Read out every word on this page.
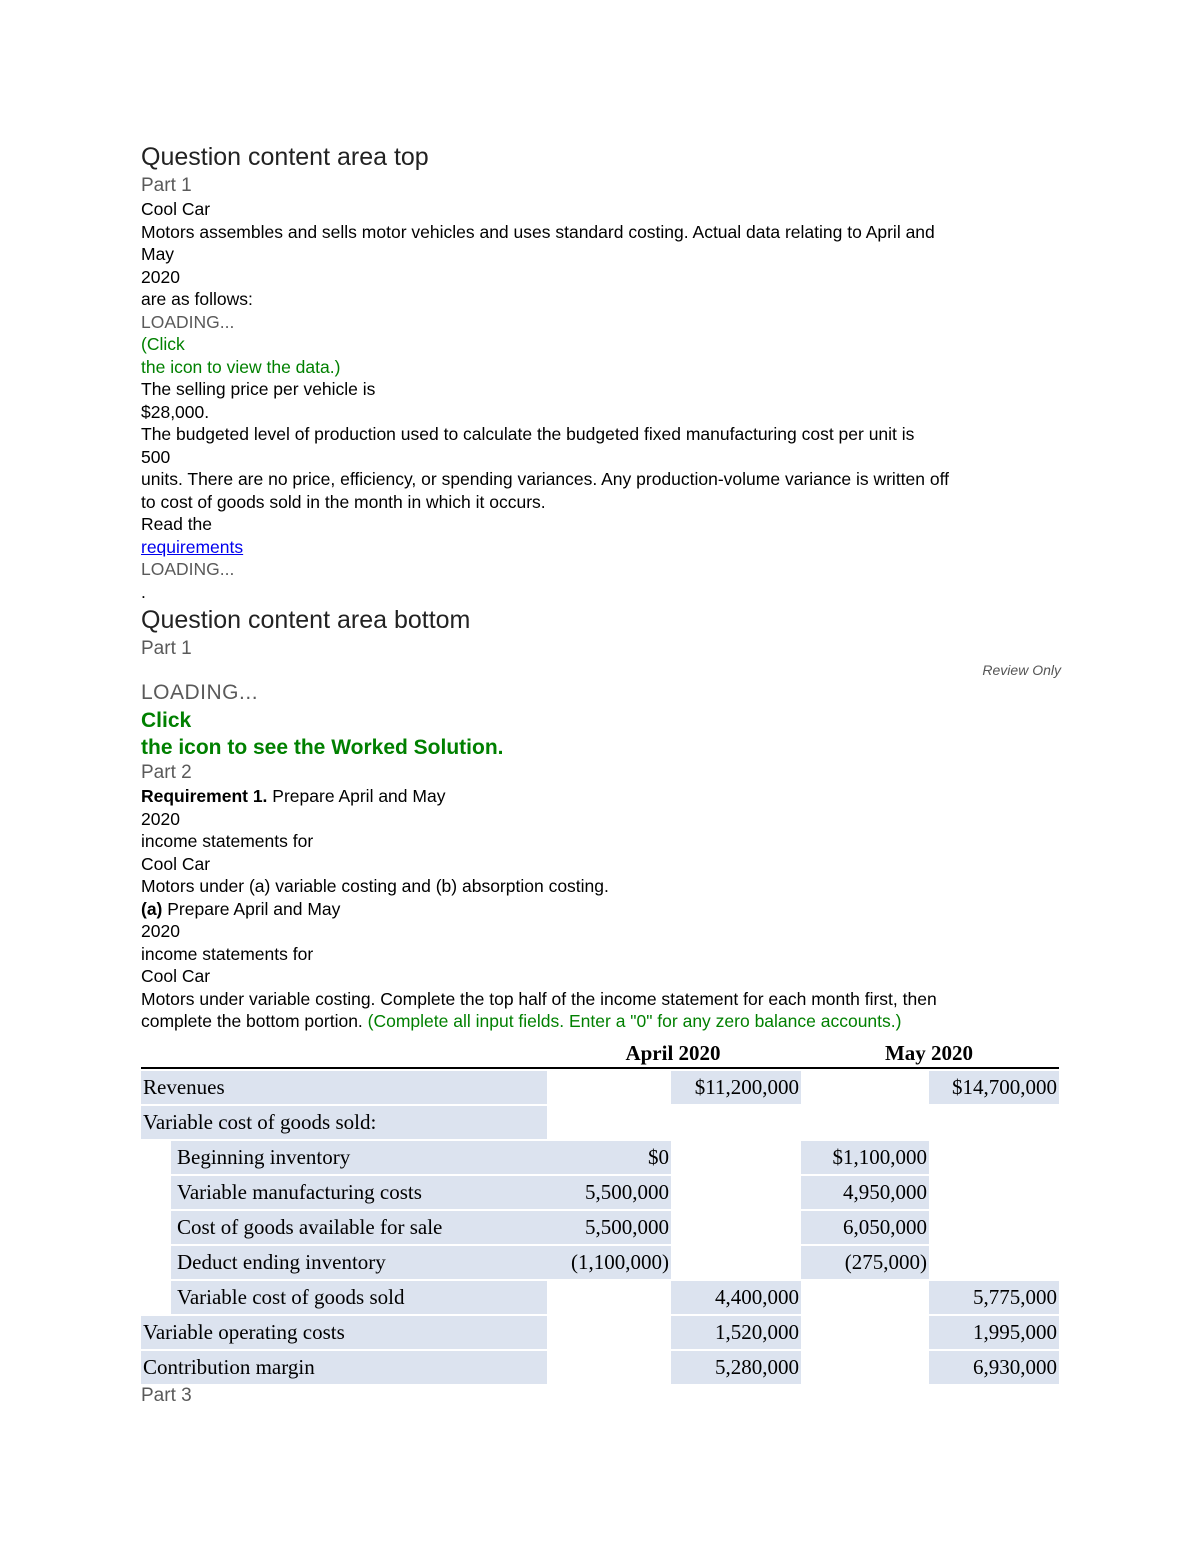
Question content area top
Part 1
Cool Car
Motors assembles and sells motor vehicles and uses standard costing. Actual data relating to April and
May
2020
are as follows:
LOADING...
(Click
the icon to view the data.)
The selling price per vehicle is
$28,000.
The budgeted level of production used to calculate the budgeted fixed manufacturing cost per unit is
500
units. There are no price, efficiency, or spending variances. Any production-volume variance is written off
to cost of goods sold in the month in which it occurs.
Read the
requirements
LOADING...
.
Question content area bottom
Part 1
Review Only
LOADING...
Click
the icon to see the Worked Solution.
Part 2
Requirement 1. Prepare April and May
2020
income statements for
Cool Car
Motors under (a) variable costing and (b) absorption costing.
(a) Prepare April and May
2020
income statements for
Cool Car
Motors under variable costing. Complete the top half of the income statement for each month first, then
complete the bottom portion. (Complete all input fields. Enter a "0" for any zero balance accounts.)
April 2020	May 2020
Revenues	$11,200,000	$14,700,000
Variable cost of goods sold:
Beginning inventory	$0	$1,100,000
Variable manufacturing costs	5,500,000	4,950,000
Cost of goods available for sale	5,500,000	6,050,000
Deduct ending inventory	(1,100,000)	(275,000)
Variable cost of goods sold	4,400,000	5,775,000
Variable operating costs	1,520,000	1,995,000
Contribution margin	5,280,000	6,930,000
Part 3
